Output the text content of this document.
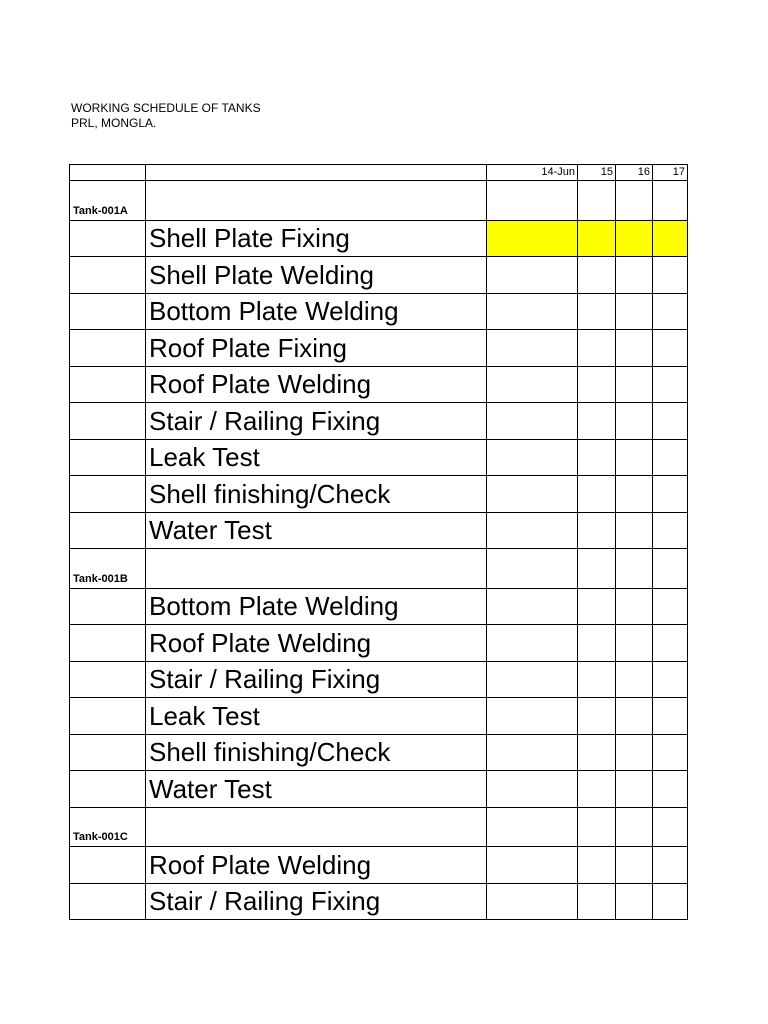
WORKING SCHEDULE OF TANKS
PRL, MONGLA.
		14-Jun	15	16	17
Tank-001A					
	Shell Plate Fixing				
	Shell Plate Welding				
	Bottom Plate Welding				
	Roof Plate Fixing				
	Roof Plate Welding				
	Stair / Railing Fixing				
	Leak Test				
	Shell finishing/Check				
	Water Test				
Tank-001B					
	Bottom Plate Welding				
	Roof Plate Welding				
	Stair / Railing Fixing				
	Leak Test				
	Shell finishing/Check				
	Water Test				
Tank-001C					
	Roof Plate Welding				
	Stair / Railing Fixing				
